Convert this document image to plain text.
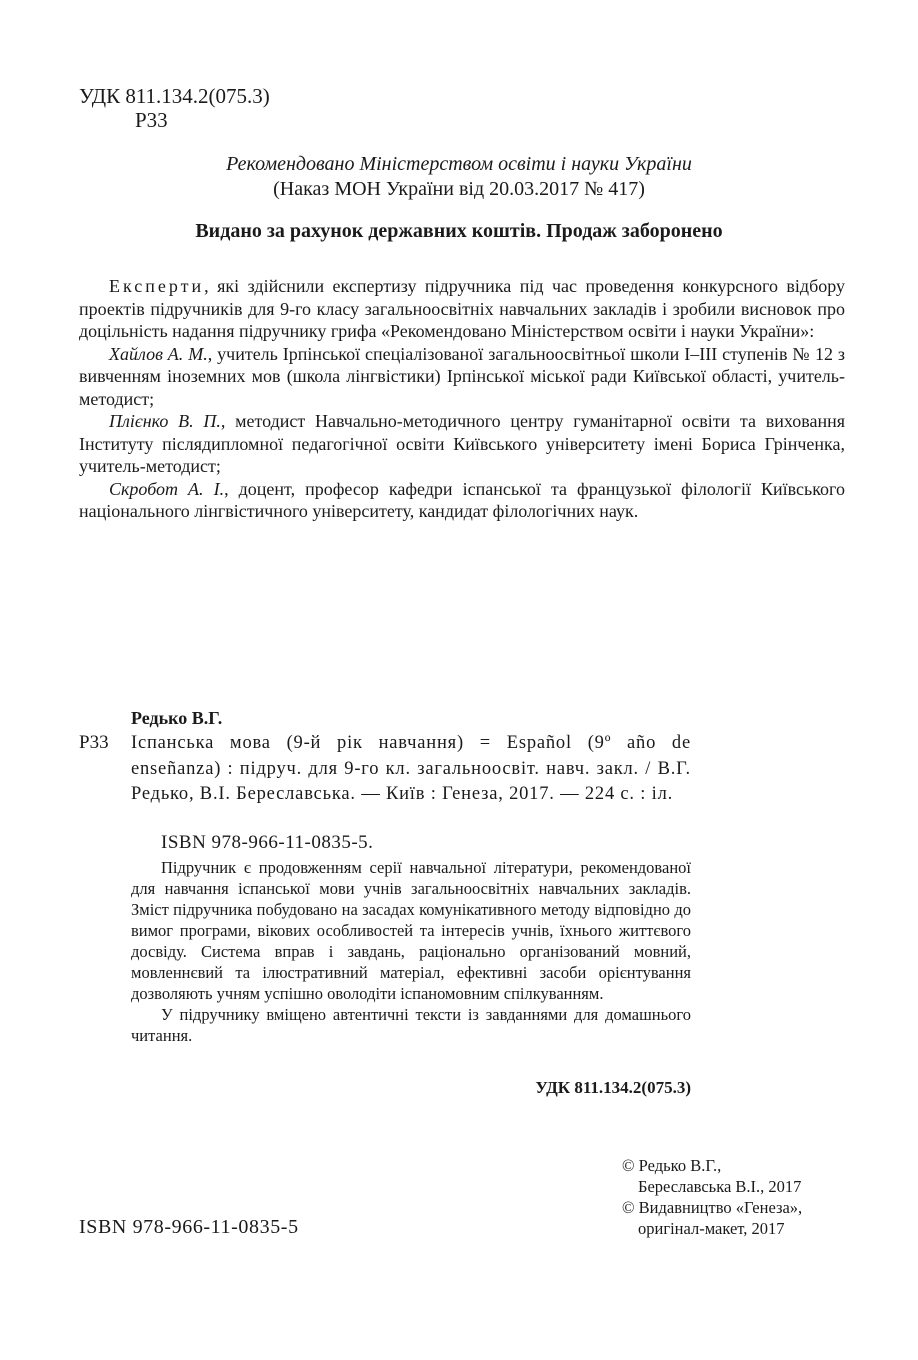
УДК 811.134.2(075.3)
Р33
Рекомендовано Міністерством освіти і науки України
(Наказ МОН України від 20.03.2017 № 417)
Видано за рахунок державних коштів. Продаж заборонено

Експерти, які здійснили експертизу підручника під час проведення конкурсного відбору проектів підручників для 9-го класу загальноосвітніх навчальних закладів і зробили висновок про доцільність надання підручнику грифа «Рекомендовано Міністерством освіти і науки України»:

Хайлов А. М., учитель Ірпінської спеціалізованої загальноосвітньої школи І–ІІІ ступенів № 12 з вивченням іноземних мов (школа лінгвістики) Ірпінської міської ради Київської області, учитель-методист;

Плієнко В. П., методист Навчально-методичного центру гуманітарної освіти та виховання Інституту післядипломної педагогічної освіти Київського університету імені Бориса Грінченка, учитель-методист;

Скробот А. І., доцент, професор кафедри іспанської та французької філології Київського національного лінгвістичного університету, кандидат філологічних наук.

Редько В.Г.
Р33 Іспанська мова (9-й рік навчання) = Español (9º año de enseñanza) : підруч. для 9-го кл. загальноосвіт. навч. закл. / В.Г. Редько, В.І. Береславська. — Київ : Генеза, 2017. — 224 с. : іл.
ISBN 978-966-11-0835-5.

Підручник є продовженням серії навчальної літератури, рекомендованої для навчання іспанської мови учнів загальноосвітніх навчальних закладів. Зміст підручника побудовано на засадах комунікативного методу відповідно до вимог програми, вікових особливостей та інтересів учнів, їхнього життєвого досвіду. Система вправ і завдань, раціонально організований мовний, мовленнєвий та ілюстративний матеріал, ефективні засоби орієнтування дозволяють учням успішно оволодіти іспаномовним спілкуванням.

У підручнику вміщено автентичні тексти із завданнями для домашнього читання.

УДК 811.134.2(075.3)
© Редько В.Г.,
Береславська В.І., 2017
© Видавництво «Генеза»,
оригінал-макет, 2017
ISBN 978-966-11-0835-5
